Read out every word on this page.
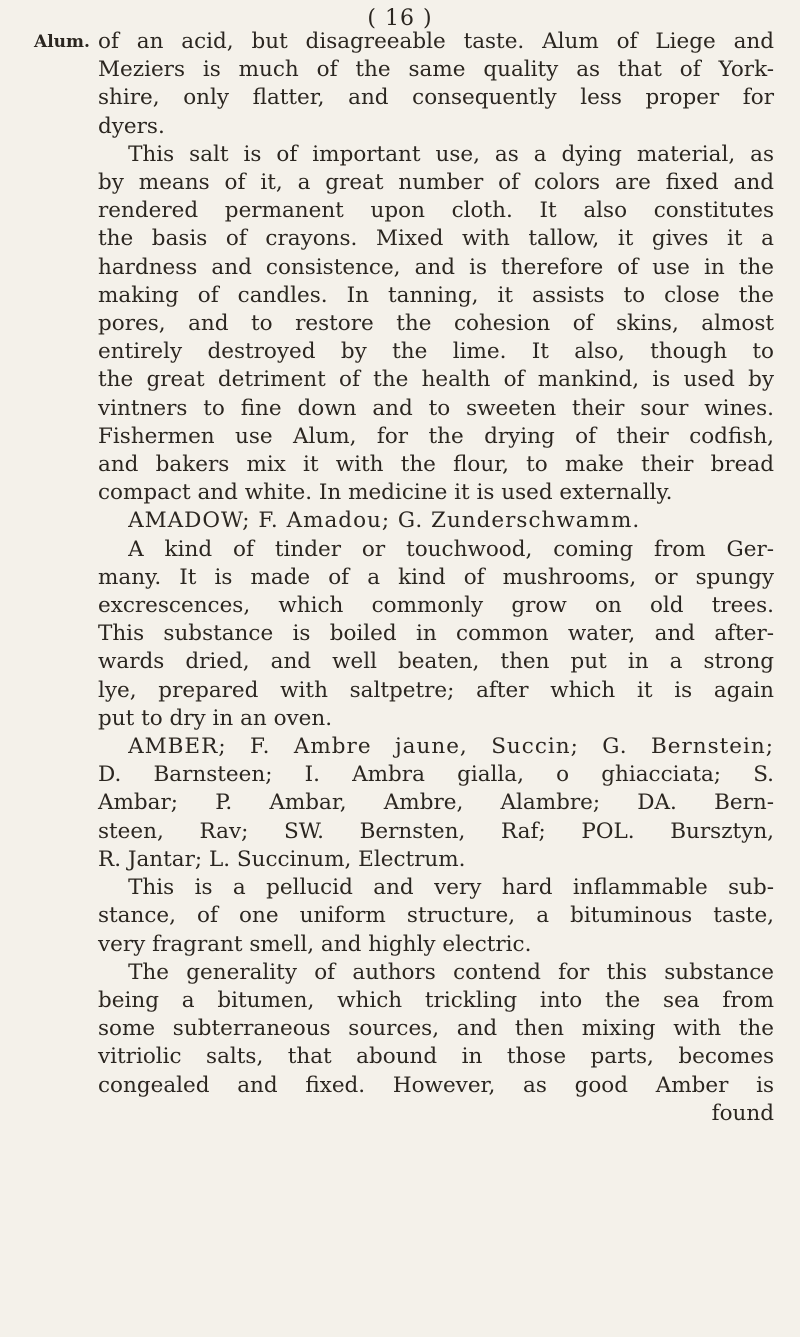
( 16 )
Alum. of an acid, but disagreeable taste. Alum of Liege and
Meziers is much of the same quality as that of York-
shire, only flatter, and consequently less proper for
dyers.
This salt is of important use, as a dying material, as
by means of it, a great number of colors are fixed and
rendered permanent upon cloth. It also constitutes
the basis of crayons. Mixed with tallow, it gives it a
hardness and consistence, and is therefore of use in the
making of candles. In tanning, it assists to close the
pores, and to restore the cohesion of skins, almost
entirely destroyed by the lime. It also, though to
the great detriment of the health of mankind, is used by
vintners to fine down and to sweeten their sour wines.
Fishermen use Alum, for the drying of their codfish,
and bakers mix it with the flour, to make their bread
compact and white. In medicine it is used externally.
AMADOW; F. Amadou; G. Zunderschwamm.
A kind of tinder or touchwood, coming from Ger-
many. It is made of a kind of mushrooms, or spungy
excrescences, which commonly grow on old trees.
This substance is boiled in common water, and after-
wards dried, and well beaten, then put in a strong
lye, prepared with saltpetre; after which it is again
put to dry in an oven.
AMBER; F. Ambre jaune, Succin; G. Bernstein;
D. Barnsteen; I. Ambra gialla, o ghiacciata; S.
Ambar; P. Ambar, Ambre, Alambre; DA. Bern-
steen, Rav; SW. Bernsten, Raf; POL. Bursztyn,
R. Jantar; L. Succinum, Electrum.
This is a pellucid and very hard inflammable sub-
stance, of one uniform structure, a bituminous taste,
very fragrant smell, and highly electric.
The generality of authors contend for this substance
being a bitumen, which trickling into the sea from
some subterraneous sources, and then mixing with the
vitriolic salts, that abound in those parts, becomes
congealed and fixed. However, as good Amber is
found
